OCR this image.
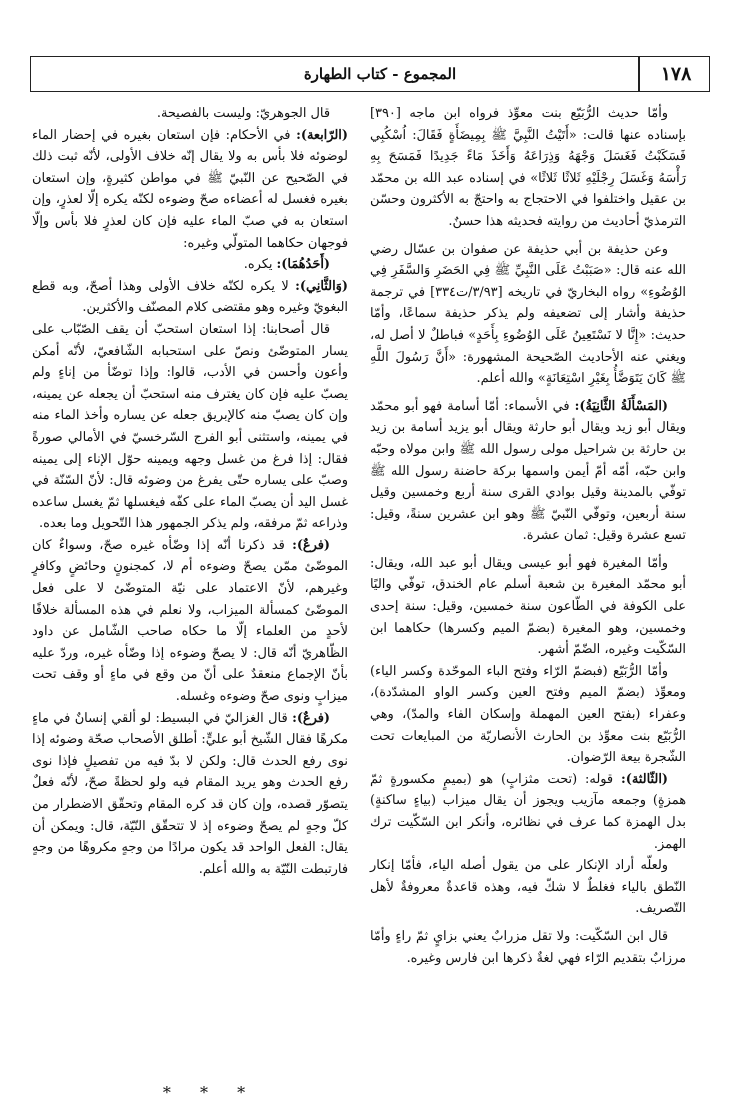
١٧٨
المجموع - كتاب الطهارة

وأمّا حديث الرُّبَيّع بنت معوِّذ فرواه ابن ماجه [٣٩٠] بإسناده عنها قالت: «أَتَيْتُ النَّبِيَّ ﷺ بِمِيضَأَةٍ فَقَالَ: اُسْكُبِي فَسَكَبْتُ فَغَسَلَ وَجْهَهُ وَذِرَاعَهُ وَأَخَذَ مَاءً جَدِيدًا فَمَسَحَ بِهِ رَأْسَهُ وَغَسَلَ رِجْلَيْهِ ثَلاثًا ثَلاثًا» في إسناده عبد الله بن محمّد بن عقيل واختلفوا في الاحتجاج به واحتجّ به الأكثرون وحسّن الترمذيّ أحاديث من روايته فحديثه هذا حسنٌ.

وعن حذيفة بن أبي حذيفة عن صفوان بن عسّال رضي الله عنه قال: «صَبَبْتُ عَلَى النَّبِيِّ ﷺ فِي الحَضَرِ وَالسَّفَرِ فِي الوُضُوءِ» رواه البخاريّ في تاريخه [٣/٩٣/ت٣٣٤] في ترجمة حذيفة وأشار إلى تضعيفه ولم يذكر حذيفة سماعًا، وأمّا حديث: «إِنَّا لا نَسْتَعِينُ عَلَى الوُضُوءِ بِأَحَدٍ» فباطلٌ لا أصل له، ويغني عنه الأحاديث الصّحيحة المشهورة: «أَنَّ رَسُولَ اللَّهِ ﷺ كَانَ يَتَوَضَّأُ بِغَيْرِ اسْتِعَانَةٍ» والله أعلم.

(المَسْأَلَةُ الثَّانِيَةُ): في الأسماء: أمّا أسامة فهو أبو محمّد ويقال أبو زيد ويقال أبو حارثة ويقال أبو يزيد أسامة بن زيد بن حارثة بن شراحيل مولى رسول الله ﷺ وابن مولاه وحبّه وابن حبّه، أمّه أمّ أيمن واسمها بركة حاضنة رسول الله ﷺ توفّي بالمدينة وقيل بوادي القرى سنة أربع وخمسين وقيل سنة أربعين، وتوفّي النّبيّ ﷺ وهو ابن عشرين سنةً، وقيل: تسع عشرة وقيل: ثمان عشرة.

وأمّا المغيرة فهو أبو عيسى ويقال أبو عبد الله، ويقال: أبو محمّد المغيرة بن شعبة أسلم عام الخندق، توفّي واليًا على الكوفة في الطّاعون سنة خمسين، وقيل: سنة إحدى وخمسين، وهو المغيرة (بضمّ الميم وكسرها) حكاهما ابن السّكّيت وغيره، الضّمّ أشهر.

وأمّا الرُّبَيّع (فبضمّ الرّاء وفتح الباء الموحّدة وكسر الياء) ومعوِّذ (بضمّ الميم وفتح العين وكسر الواو المشدّدة)، وعفراء (بفتح العين المهملة وإسكان الفاء والمدّ)، وهي الرُّبَيّع بنت معوِّذ بن الحارث الأنصاريّة من المبايعات تحت الشّجرة بيعة الرّضوان.

(الثّالثة): قوله: (تحت مثزابٍ) هو (بميمٍ مكسورةٍ ثمّ همزةٍ) وجمعه مآزيب ويجوز أن يقال ميزاب (بياءٍ ساكنةٍ) بدل الهمزة كما عرف في نظائره، وأنكر ابن السّكّيت ترك الهمز.

ولعلّه أراد الإنكار على من يقول أصله الياء، فأمّا إنكار النّطق بالياء فغلطٌ لا شكّ فيه، وهذه قاعدةٌ معروفةٌ لأهل التّصريف.

قال ابن السّكّيت: ولا تقل مزرابٌ يعني بزايٍ ثمّ راءٍ وأمّا مرزابٌ بتقديم الرّاء فهي لغةٌ ذكرها ابن فارس وغيره.

قال الجوهريّ: وليست بالفصيحة.

(الرّابعة): في الأحكام: فإن استعان بغيره في إحضار الماء لوضوئه فلا بأس به ولا يقال إنّه خلاف الأولى، لأنّه ثبت ذلك في الصّحيح عن النّبيّ ﷺ في مواطن كثيرةٍ، وإن استعان بغيره فغسل له أعضاءه صحّ وضوءه لكنّه يكره إلّا لعذرٍ، وإن استعان به في صبّ الماء عليه فإن كان لعذرٍ فلا بأس وإلّا فوجهان حكاهما المتولّي وغيره:

(أَحَدُهُمَا): يكره.

(وَالثَّانِي): لا يكره لكنّه خلاف الأولى وهذا أصحّ، وبه قطع البغويّ وغيره وهو مقتضى كلام المصنّف والأكثرين.

قال أصحابنا: إذا استعان استحبّ أن يقف الصّبّاب على يسار المتوضّئ ونصّ على استحبابه الشّافعيّ، لأنّه أمكن وأعون وأحسن في الأدب، قالوا: وإذا توضّأ من إناءٍ ولم يصبّ عليه فإن كان يغترف منه استحبّ أن يجعله عن يمينه، وإن كان يصبّ منه كالإبريق جعله عن يساره وأخذ الماء منه في يمينه، واستثنى أبو الفرج السّرخسيّ في الأمالي صورةً فقال: إذا فرغ من غسل وجهه ويمينه حوّل الإناء إلى يمينه وصبّ على يساره حتّى يفرغ من وضوئه قال: لأنّ السّنّة في غسل اليد أن يصبّ الماء على كفّه فيغسلها ثمّ يغسل ساعده وذراعه ثمّ مرفقه، ولم يذكر الجمهور هذا التّحويل وما بعده.

(فرعٌ): قد ذكرنا أنّه إذا وضّأه غيره صحّ، وسواءٌ كان الموضّئ ممّن يصحّ وضوءه أم لا، كمجنونٍ وحائضٍ وكافرٍ وغيرهم، لأنّ الاعتماد على نيّة المتوضّئ لا على فعل الموضّئ كمسألة الميزاب، ولا نعلم في هذه المسألة خلافًا لأحدٍ من العلماء إلّا ما حكاه صاحب الشّامل عن داود الظّاهريّ أنّه قال: لا يصحّ وضوءه إذا وضّأه غيره، وردّ عليه بأنّ الإجماع منعقدٌ على أنّ من وقع في ماءٍ أو وقف تحت ميزابٍ ونوى صحّ وضوءه وغسله.

(فرعٌ): قال الغزاليّ في البسيط: لو ألقي إنسانٌ في ماءٍ مكرهًا فقال الشّيخ أبو عليٍّ: أطلق الأصحاب صحّة وضوئه إذا نوى رفع الحدث قال: ولكن لا بدّ فيه من تفصيلٍ فإذا نوى رفع الحدث وهو يريد المقام فيه ولو لحظةً صحّ، لأنّه فعلٌ يتصوّر قصده، وإن كان قد كره المقام وتحقّق الاضطرار من كلّ وجهٍ لم يصحّ وضوءه إذ لا تتحقّق النّيّة، قال: ويمكن أن يقال: الفعل الواحد قد يكون مرادًا من وجهٍ مكروهًا من وجهٍ فارتبطت النّيّة به والله أعلم.

* * *
